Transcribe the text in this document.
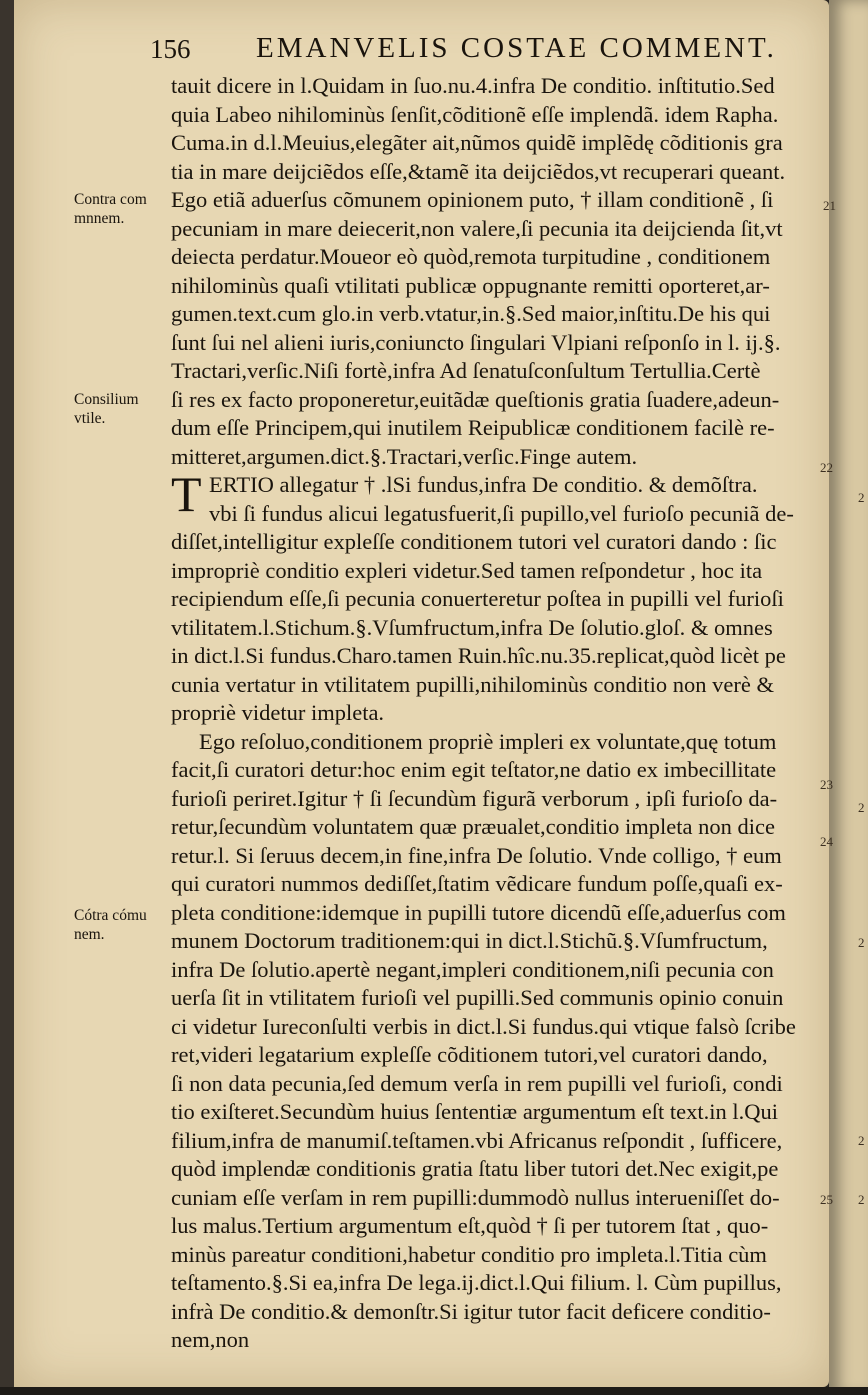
156 EMANVELIS COSTAE COMMENT.
Contra com
mnnem.
Consilium
vtile.
Cótra cómu
nem.
21
22
23
24
25
2
2
2
2
2
T
tauit dicere in l.Quidam in ſuo.nu.4.infra De conditio. inſtitutio.Sed
quia Labeo nihilominùs ſenſit,cõditionẽ eſſe implendã. idem Rapha.
Cuma.in d.l.Meuius,elegãter ait,nũmos quidẽ implẽdę cõditionis gra
tia in mare deijciẽdos eſſe,&tamẽ ita deijciẽdos,vt recuperari queant.
Ego etiã aduerſus cõmunem opinionem puto, † illam conditionẽ , ſi
pecuniam in mare deiecerit,non valere,ſi pecunia ita deijcienda ſit,vt
deiecta perdatur.Moueor eò quòd,remota turpitudine , conditionem
nihilominùs quaſi vtilitati publicæ oppugnante remitti oporteret,ar-
gumen.text.cum glo.in verb.vtatur,in.§.Sed maior,inſtitu.De his qui
ſunt ſui nel alieni iuris,coniuncto ſingulari Vlpiani reſponſo in l. ij.§.
Tractari,verſic.Niſi fortè,infra Ad ſenatuſconſultum Tertullia.Certè
ſi res ex facto proponeretur,euitãdæ queſtionis gratia ſuadere,adeun-
dum eſſe Principem,qui inutilem Reipublicæ conditionem facilè re-
mitteret,argumen.dict.§.Tractari,verſic.Finge autem.
ERTIO allegatur † .lSi fundus,infra De conditio. & demõſtra.
vbi ſi fundus alicui legatusfuerit,ſi pupillo,vel furioſo pecuniã de-
diſſet,intelligitur expleſſe conditionem tutori vel curatori dando : ſic
impropriè conditio expleri videtur.Sed tamen reſpondetur , hoc ita
recipiendum eſſe,ſi pecunia conuerteretur poſtea in pupilli vel furioſi
vtilitatem.l.Stichum.§.Vſumfructum,infra De ſolutio.gloſ. & omnes
in dict.l.Si fundus.Charo.tamen Ruin.hîc.nu.35.replicat,quòd licèt pe
cunia vertatur in vtilitatem pupilli,nihilominùs conditio non verè &
propriè videtur impleta.
Ego reſoluo,conditionem propriè impleri ex voluntate,quę totum
facit,ſi curatori detur:hoc enim egit teſtator,ne datio ex imbecillitate
furioſi periret.Igitur † ſi ſecundùm figurã verborum , ipſi furioſo da-
retur,ſecundùm voluntatem quæ præualet,conditio impleta non dice
retur.l. Si ſeruus decem,in fine,infra De ſolutio. Vnde colligo, † eum
qui curatori nummos dediſſet,ſtatim vẽdicare fundum poſſe,quaſi ex-
pleta conditione:idemque in pupilli tutore dicendũ eſſe,aduerſus com
munem Doctorum traditionem:qui in dict.l.Stichũ.§.Vſumfructum,
infra De ſolutio.apertè negant,impleri conditionem,niſi pecunia con
uerſa ſit in vtilitatem furioſi vel pupilli.Sed communis opinio conuin
ci videtur Iureconſulti verbis in dict.l.Si fundus.qui vtique falsò ſcribe
ret,videri legatarium expleſſe cõditionem tutori,vel curatori dando,
ſi non data pecunia,ſed demum verſa in rem pupilli vel furioſi, condi
tio exiſteret.Secundùm huius ſententiæ argumentum eſt text.in l.Qui
filium,infra de manumiſ.teſtamen.vbi Africanus reſpondit , ſufficere,
quòd implendæ conditionis gratia ſtatu liber tutori det.Nec exigit,pe
cuniam eſſe verſam in rem pupilli:dummodò nullus interueniſſet do-
lus malus.Tertium argumentum eſt,quòd † ſi per tutorem ſtat , quo-
minùs pareatur conditioni,habetur conditio pro impleta.l.Titia cùm
teſtamento.§.Si ea,infra De lega.ij.dict.l.Qui filium. l. Cùm pupillus,
infrà De conditio.& demonſtr.Si igitur tutor facit deficere conditio-
nem,non
